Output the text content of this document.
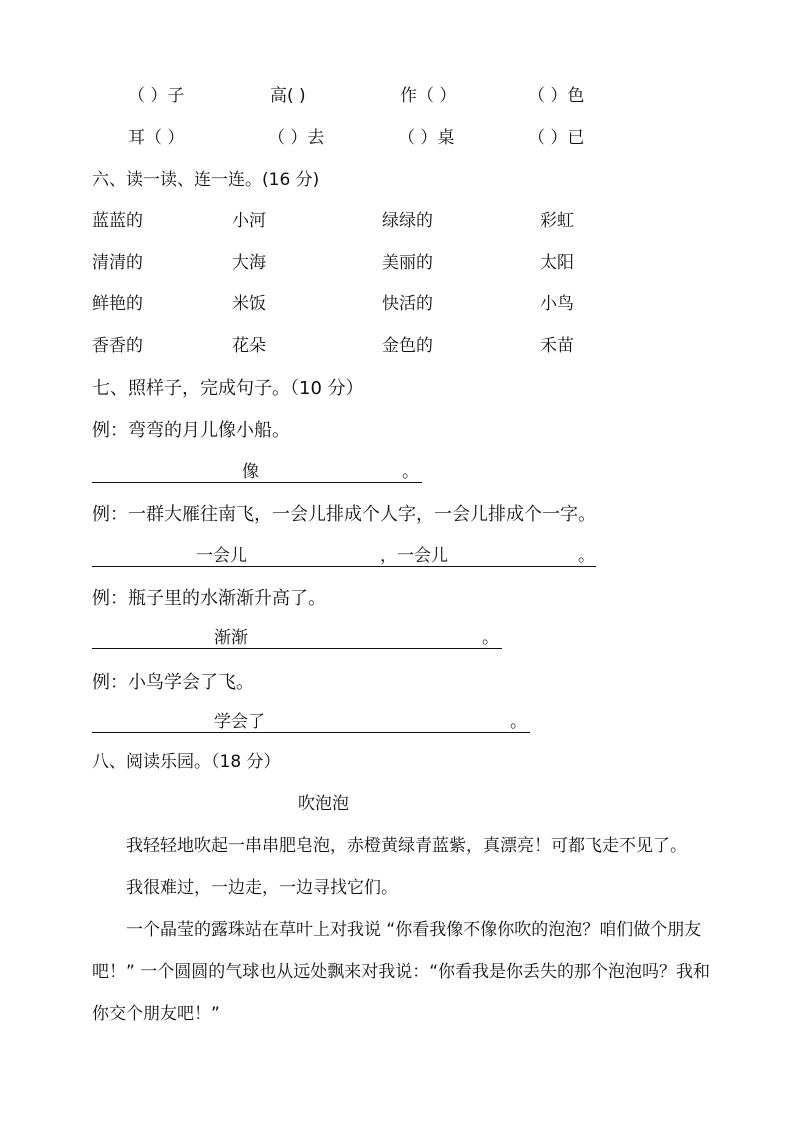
（ ）子	高( )	作（ ）	（ ）色
耳（ ）	（ ）去	（ ）桌	（ ）已
六、读一读、连一连。(16 分)
蓝蓝的	小河	绿绿的	彩虹
清清的	大海	美丽的	太阳
鲜艳的	米饭	快活的	小鸟
香香的	花朵	金色的	禾苗
七、照样子，完成句子。（10 分）
例：弯弯的月儿像小船。
像	。
例：一群大雁往南飞，一会儿排成个人字，一会儿排成个一字。
一会儿	，一会儿	。
例：瓶子里的水渐渐升高了。
渐渐	。
例：小鸟学会了飞。
学会了	。
八、阅读乐园。（18 分）
吹泡泡

我轻轻地吹起一串串肥皂泡，赤橙黄绿青蓝紫，真漂亮！可都飞走不见了。

我很难过，一边走，一边寻找它们。

一个晶莹的露珠站在草叶上对我说 “你看我像不像你吹的泡泡？咱们做个朋友吧！” 一个圆圆的气球也从远处飘来对我说：“你看我是你丢失的那个泡泡吗？我和你交个朋友吧！”
